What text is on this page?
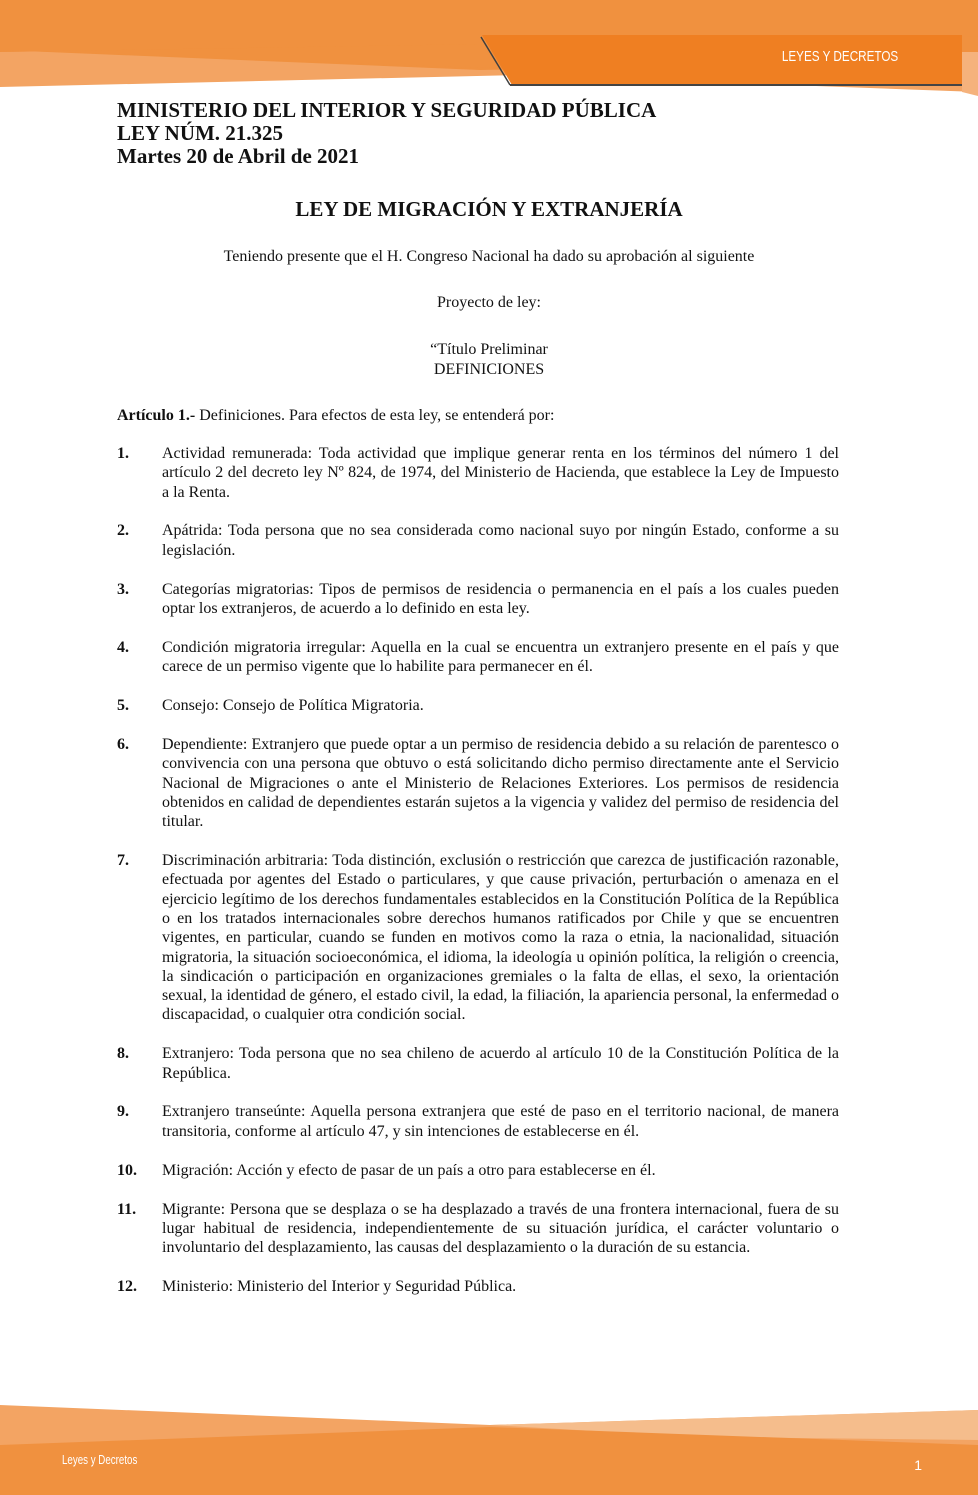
LEYES Y DECRETOS
MINISTERIO DEL INTERIOR Y SEGURIDAD PÚBLICA
LEY NÚM. 21.325
Martes 20 de Abril de 2021
LEY DE MIGRACIÓN Y EXTRANJERÍA
Teniendo presente que el H. Congreso Nacional ha dado su aprobación al siguiente
Proyecto de ley:
“Título Preliminar
DEFINICIONES
Artículo 1.- Definiciones. Para efectos de esta ley, se entenderá por:
1.	Actividad remunerada: Toda actividad que implique generar renta en los términos del número 1 del artículo 2 del decreto ley Nº 824, de 1974, del Ministerio de Hacienda, que establece la Ley de Impuesto a la Renta.
2.	Apátrida: Toda persona que no sea considerada como nacional suyo por ningún Estado, conforme a su legislación.
3.	Categorías migratorias: Tipos de permisos de residencia o permanencia en el país a los cuales pueden optar los extranjeros, de acuerdo a lo definido en esta ley.
4.	Condición migratoria irregular: Aquella en la cual se encuentra un extranjero presente en el país y que carece de un permiso vigente que lo habilite para permanecer en él.
5.	Consejo: Consejo de Política Migratoria.
6.	Dependiente: Extranjero que puede optar a un permiso de residencia debido a su relación de parentesco o convivencia con una persona que obtuvo o está solicitando dicho permiso directamente ante el Servicio Nacional de Migraciones o ante el Ministerio de Relaciones Exteriores. Los permisos de residencia obtenidos en calidad de dependientes estarán sujetos a la vigencia y validez del permiso de residencia del titular.
7.	Discriminación arbitraria: Toda distinción, exclusión o restricción que carezca de justificación razonable, efectuada por agentes del Estado o particulares, y que cause privación, perturbación o amenaza en el ejercicio legítimo de los derechos fundamentales establecidos en la Constitución Política de la República o en los tratados internacionales sobre derechos humanos ratificados por Chile y que se encuentren vigentes, en particular, cuando se funden en motivos como la raza o etnia, la nacionalidad, situación migratoria, la situación socioeconómica, el idioma, la ideología u opinión política, la religión o creencia, la sindicación o participación en organizaciones gremiales o la falta de ellas, el sexo, la orientación sexual, la identidad de género, el estado civil, la edad, la filiación, la apariencia personal, la enfermedad o discapacidad, o cualquier otra condición social.
8.	Extranjero: Toda persona que no sea chileno de acuerdo al artículo 10 de la Constitución Política de la República.
9.	Extranjero transeúnte: Aquella persona extranjera que esté de paso en el territorio nacional, de manera transitoria, conforme al artículo 47, y sin intenciones de establecerse en él.
10.	Migración: Acción y efecto de pasar de un país a otro para establecerse en él.
11.	Migrante: Persona que se desplaza o se ha desplazado a través de una frontera internacional, fuera de su lugar habitual de residencia, independientemente de su situación jurídica, el carácter voluntario o involuntario del desplazamiento, las causas del desplazamiento o la duración de su estancia.
12.	Ministerio: Ministerio del Interior y Seguridad Pública.
Leyes y Decretos	1
